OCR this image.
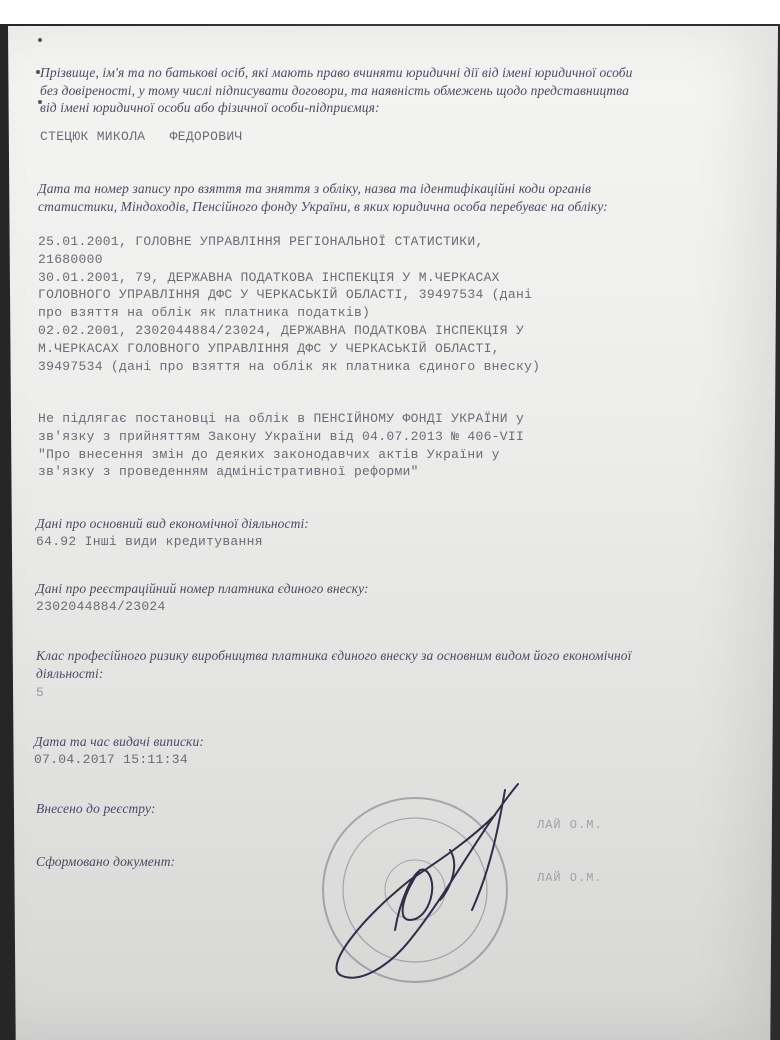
Прізвище, ім'я та по батькові осіб, які мають право вчиняти юридичні дії від імені юридичної особи без довіреності, у тому числі підписувати договори, та наявність обмежень щодо представництва від імені юридичної особи або фізичної особи-підприємця:

СТЕЦЮК МИКОЛА   ФЕДОРОВИЧ

Дата та номер запису про взяття та зняття з обліку, назва та ідентифікаційні коди органів статистики, Міндоходів, Пенсійного фонду України, в яких юридична особа перебуває на обліку:

25.01.2001, ГОЛОВНЕ УПРАВЛІННЯ РЕГІОНАЛЬНОЇ СТАТИСТИКИ,
21680000
30.01.2001, 79, ДЕРЖАВНА ПОДАТКОВА ІНСПЕКЦІЯ У М.ЧЕРКАСАХ
ГОЛОВНОГО УПРАВЛІННЯ ДФС У ЧЕРКАСЬКІЙ ОБЛАСТІ, 39497534 (дані
про взяття на облік як платника податків)
02.02.2001, 2302044884/23024, ДЕРЖАВНА ПОДАТКОВА ІНСПЕКЦІЯ У
М.ЧЕРКАСАХ ГОЛОВНОГО УПРАВЛІННЯ ДФС У ЧЕРКАСЬКІЙ ОБЛАСТІ,
39497534 (дані про взяття на облік як платника єдиного внеску)

Не підлягає постановці на облік в ПЕНСІЙНОМУ ФОНДІ УКРАЇНИ у
зв'язку з прийняттям Закону України від 04.07.2013 № 406-VII
"Про внесення змін до деяких законодавчих актів України у
зв'язку з проведенням адміністративної реформи"

Дані про основний вид економічної діяльності:

64.92 Інші види кредитування

Дані про реєстраційний номер платника єдиного внеску:

2302044884/23024

Клас професійного ризику виробництва платника єдиного внеску за основним видом його економічної діяльності:

5

Дата та час видачі виписки:

07.04.2017 15:11:34

Внесено до реєстру:

ЛАЙ О.М.

Сформовано документ:

ЛАЙ О.М.
